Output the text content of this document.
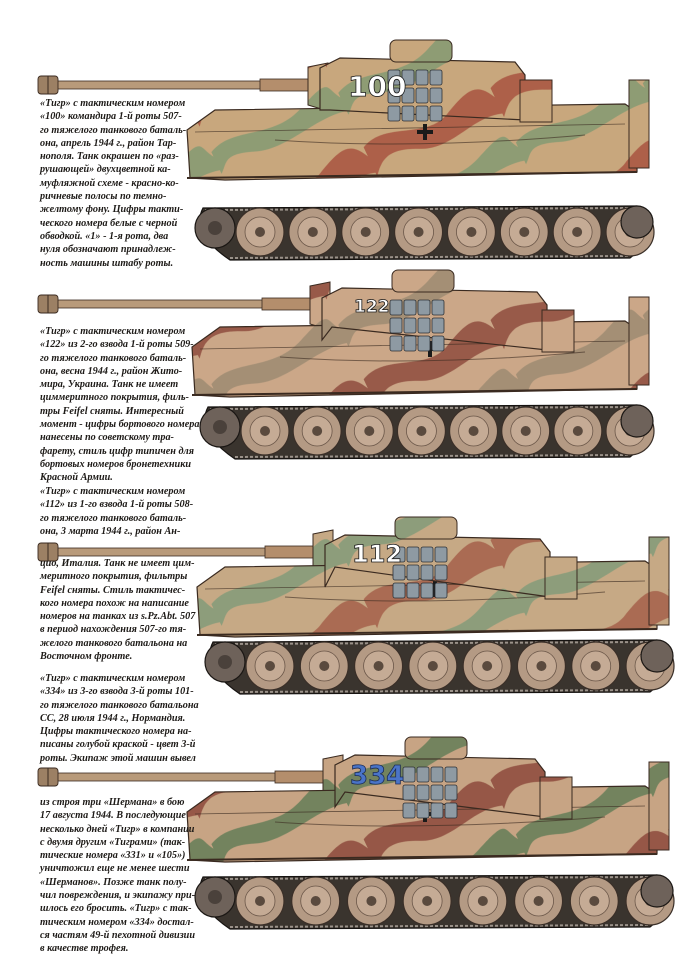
100
«Тигр» с тактическим номером
«100» командира 1-й роты 507-
го тяжелого танкового баталь-
она, апрель 1944 г., район Тар-
нополя. Танк окрашен по «раз-
рушающей» двухцветной ка-
муфляжной схеме - краcно-ко-
ричневые полосы по темно-
желтому фону. Цифры такти-
ческого номера белые с черной
обводкой. «1» - 1-я рота, два
нуля обозначают принадлеж-
ность машины штабу роты.
122
«Тигр» с тактическим номером
«122» из 2-го взвода 1-й роты 509-
го тяжелого танкового баталь-
она, весна 1944 г., район Жито-
мира, Украина. Танк не имеет
циммеритного покрытия, филь-
тры Feifel сняты. Интересный
момент - цифры бортового номера
нанесены по советскому тра-
фарету, стиль цифр типичен для
бортовых номеров бронетехники
Красной Армии.
112
«Тигр» с тактическим номером
«112» из 1-го взвода 1-й роты 508-
го тяжелого танкового баталь-
она, 3 марта 1944 г., район Ан-
цио, Италия. Танк не имеет цим-
меритного покрытия, фильтры
Feifel сняты. Стиль тактичес-
кого номера похож на написание
номеров на танках из s.Pz.Abt. 507
в период нахождения 507-го тя-
желого танкового батальона на
Восточном фронте.
334
«Тигр» с тактическим номером
«334» из 3-го взвода 3-й роты 101-
го тяжелого танкового батальона
СС, 28 июля 1944 г., Нормандия.
Цифры тактического номера на-
писаны голубой краской - цвет 3-й
роты. Экипаж этой машин вывел
из строя три «Шермана» в бою
17 августа 1944. В последующие
несколько дней «Тигр» в компании
с двумя другим «Тиграми» (так-
тические номера «331» и «105»)
уничтожил еще не менее шести
«Шерманов». Позже танк полу-
чил повреждения, и экипажу при-
шлось его бросить. «Тигр» с так-
тическим номером «334» достал-
ся частям 49-й пехотной дивизии
в качестве трофея.
